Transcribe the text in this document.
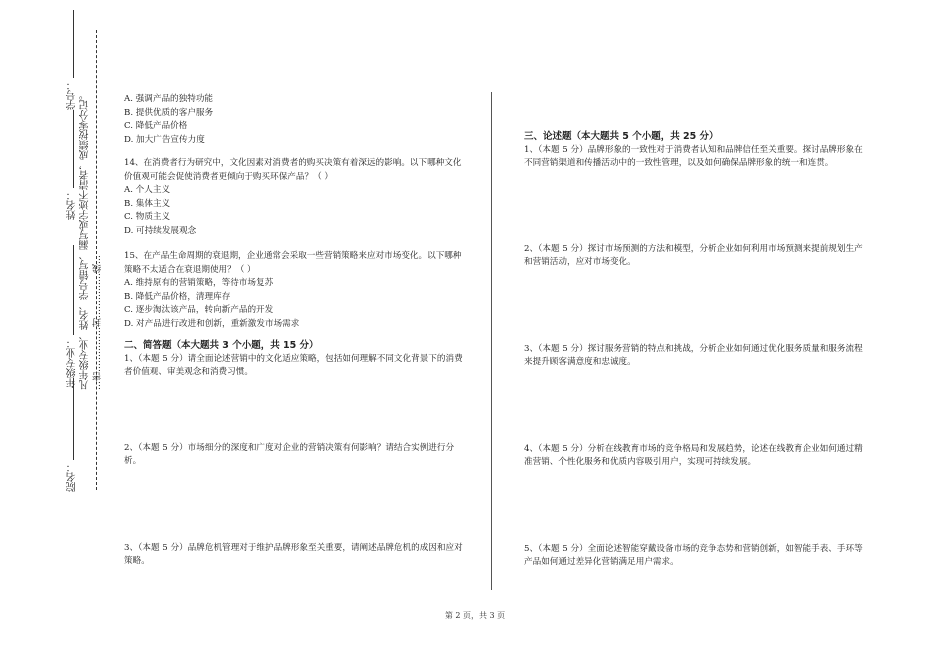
学号：
姓名：
年级专业：
院名：
凡年级专业、姓名、学号错写、漏写或字迹不清者，成绩按零分记。 …密……………封……………线…

A. 强调产品的独特功能

B. 提供优质的客户服务

C. 降低产品价格

D. 加大广告宣传力度

14、在消费者行为研究中，文化因素对消费者的购买决策有着深远的影响。以下哪种文化价值观可能会促使消费者更倾向于购买环保产品？（ ）

A. 个人主义

B. 集体主义

C. 物质主义

D. 可持续发展观念

15、在产品生命周期的衰退期，企业通常会采取一些营销策略来应对市场变化。以下哪种策略不太适合在衰退期使用？（ ）

A. 维持原有的营销策略，等待市场复苏

B. 降低产品价格，清理库存

C. 逐步淘汰该产品，转向新产品的开发

D. 对产品进行改进和创新，重新激发市场需求

二、简答题（本大题共 3 个小题，共 15 分）

1、（本题 5 分）请全面论述营销中的文化适应策略，包括如何理解不同文化背景下的消费者价值观、审美观念和消费习惯。

2、（本题 5 分）市场细分的深度和广度对企业的营销决策有何影响？请结合实例进行分析。

3、（本题 5 分）品牌危机管理对于维护品牌形象至关重要，请阐述品牌危机的成因和应对策略。

三、论述题（本大题共 5 个小题，共 25 分）

1、（本题 5 分）品牌形象的一致性对于消费者认知和品牌信任至关重要。探讨品牌形象在不同营销渠道和传播活动中的一致性管理，以及如何确保品牌形象的统一和连贯。

2、（本题 5 分）探讨市场预测的方法和模型，分析企业如何利用市场预测来提前规划生产和营销活动，应对市场变化。

3、（本题 5 分）探讨服务营销的特点和挑战，分析企业如何通过优化服务质量和服务流程来提升顾客满意度和忠诚度。

4、（本题 5 分）分析在线教育市场的竞争格局和发展趋势，论述在线教育企业如何通过精准营销、个性化服务和优质内容吸引用户，实现可持续发展。

5、（本题 5 分）全面论述智能穿戴设备市场的竞争态势和营销创新，如智能手表、手环等产品如何通过差异化营销满足用户需求。

第 2 页，共 3 页
